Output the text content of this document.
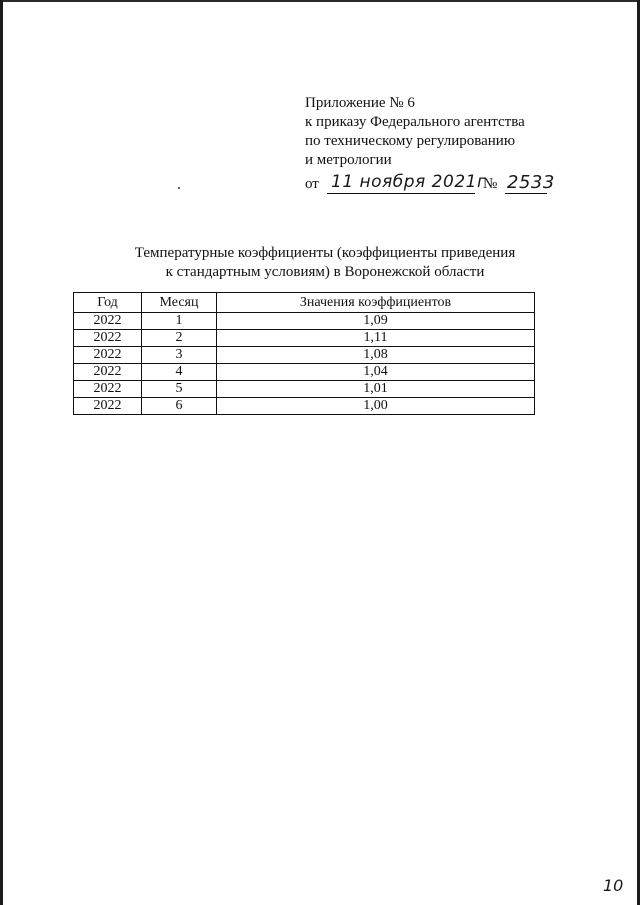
Приложение № 6
к приказу Федерального агентства
по техническому регулированию
и метрологии
от 11 ноября 2021г
№ 2533
Температурные коэффициенты (коэффициенты приведения
к стандартным условиям) в Воронежской области
Год	Месяц	Значения коэффициентов
2022	1	1,09
2022	2	1,11
2022	3	1,08
2022	4	1,04
2022	5	1,01
2022	6	1,00
10
